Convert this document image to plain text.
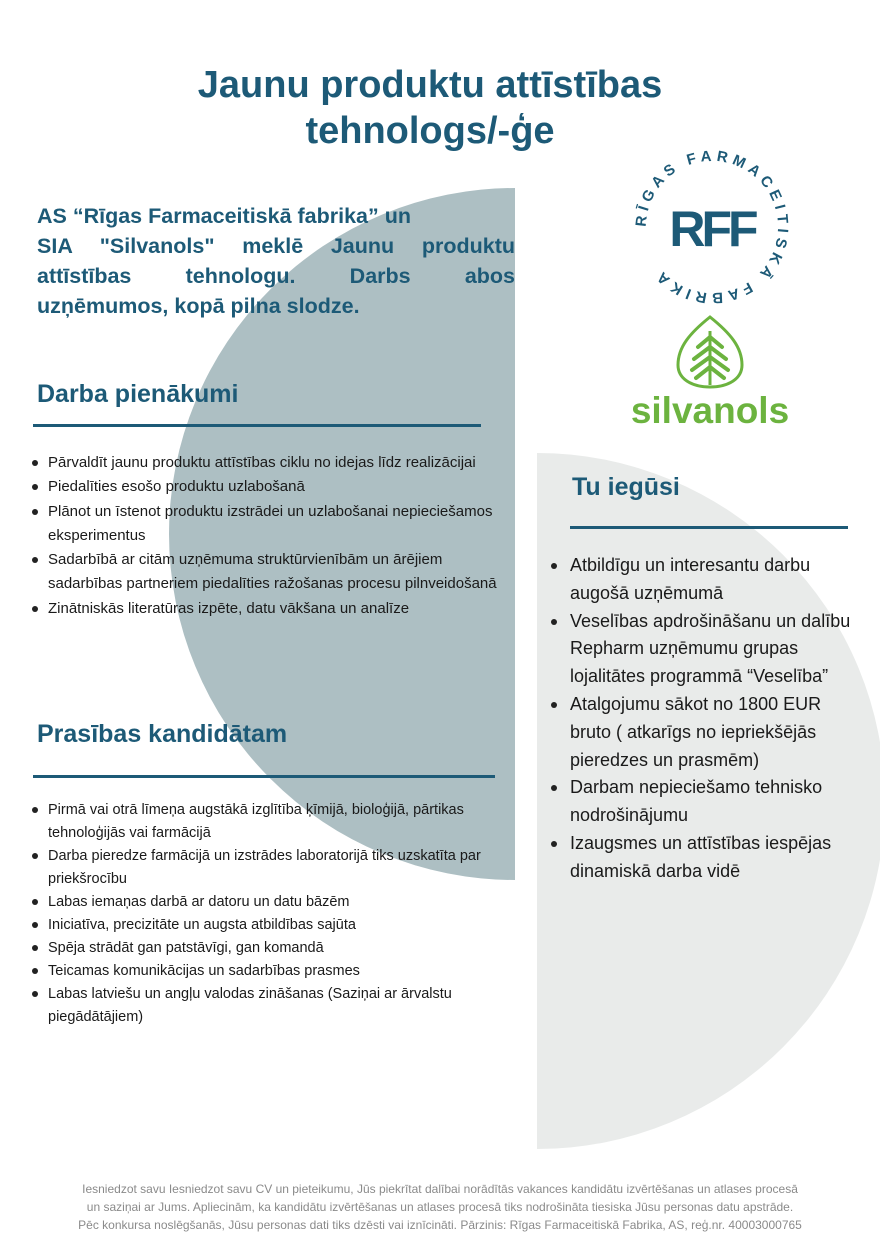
Jaunu produktu attīstības
tehnologs/-ģe
AS “Rīgas Farmaceitiskā fabrika” un
SIA "Silvanols" meklē Jaunu produktu
attīstības tehnologu. Darbs abos
uzņēmumos, kopā pilna slodze.
RĪGAS FARMACEITISKĀ FABRIKA
RFF
silvanols
Darba pienākumi
Pārvaldīt jaunu produktu attīstības ciklu no idejas līdz realizācijai
Piedalīties esošo produktu uzlabošanā
Plānot un īstenot produktu izstrādei un uzlabošanai nepieciešamos eksperimentus
Sadarbībā ar citām uzņēmuma struktūrvienībām un ārējiem sadarbības partneriem piedalīties ražošanas procesu pilnveidošanā
Zinātniskās literatūras izpēte, datu vākšana un analīze
Prasības kandidātam
Pirmā vai otrā līmeņa augstākā izglītība ķīmijā, bioloģijā, pārtikas tehnoloģijās vai farmācijā
Darba pieredze farmācijā un izstrādes laboratorijā tiks uzskatīta par priekšrocību
Labas iemaņas darbā ar datoru un datu bāzēm
Iniciatīva, precizitāte un augsta atbildības sajūta
Spēja strādāt gan patstāvīgi, gan komandā
Teicamas komunikācijas un sadarbības prasmes
Labas latviešu un angļu valodas zināšanas (Saziņai ar ārvalstu piegādātājiem)
Tu iegūsi
Atbildīgu un interesantu darbu augošā uzņēmumā
Veselības apdrošināšanu un dalību Repharm uzņēmumu grupas lojalitātes programmā “Veselība”
Atalgojumu sākot no 1800 EUR bruto ( atkarīgs no iepriekšējās pieredzes un prasmēm)
Darbam nepieciešamo tehnisko nodrošinājumu
Izaugsmes un attīstības iespējas dinamiskā darba vidē
Iesniedzot savu Iesniedzot savu CV un pieteikumu, Jūs piekrītat dalībai norādītās vakances kandidātu izvērtēšanas un atlases procesā
un saziņai ar Jums. Apliecinām, ka kandidātu izvērtēšanas un atlases procesā tiks nodrošināta tiesiska Jūsu personas datu apstrāde.
Pēc konkursa noslēgšanās, Jūsu personas dati tiks dzēsti vai iznīcināti. Pārzinis: Rīgas Farmaceitiskā Fabrika, AS, reģ.nr. 40003000765
